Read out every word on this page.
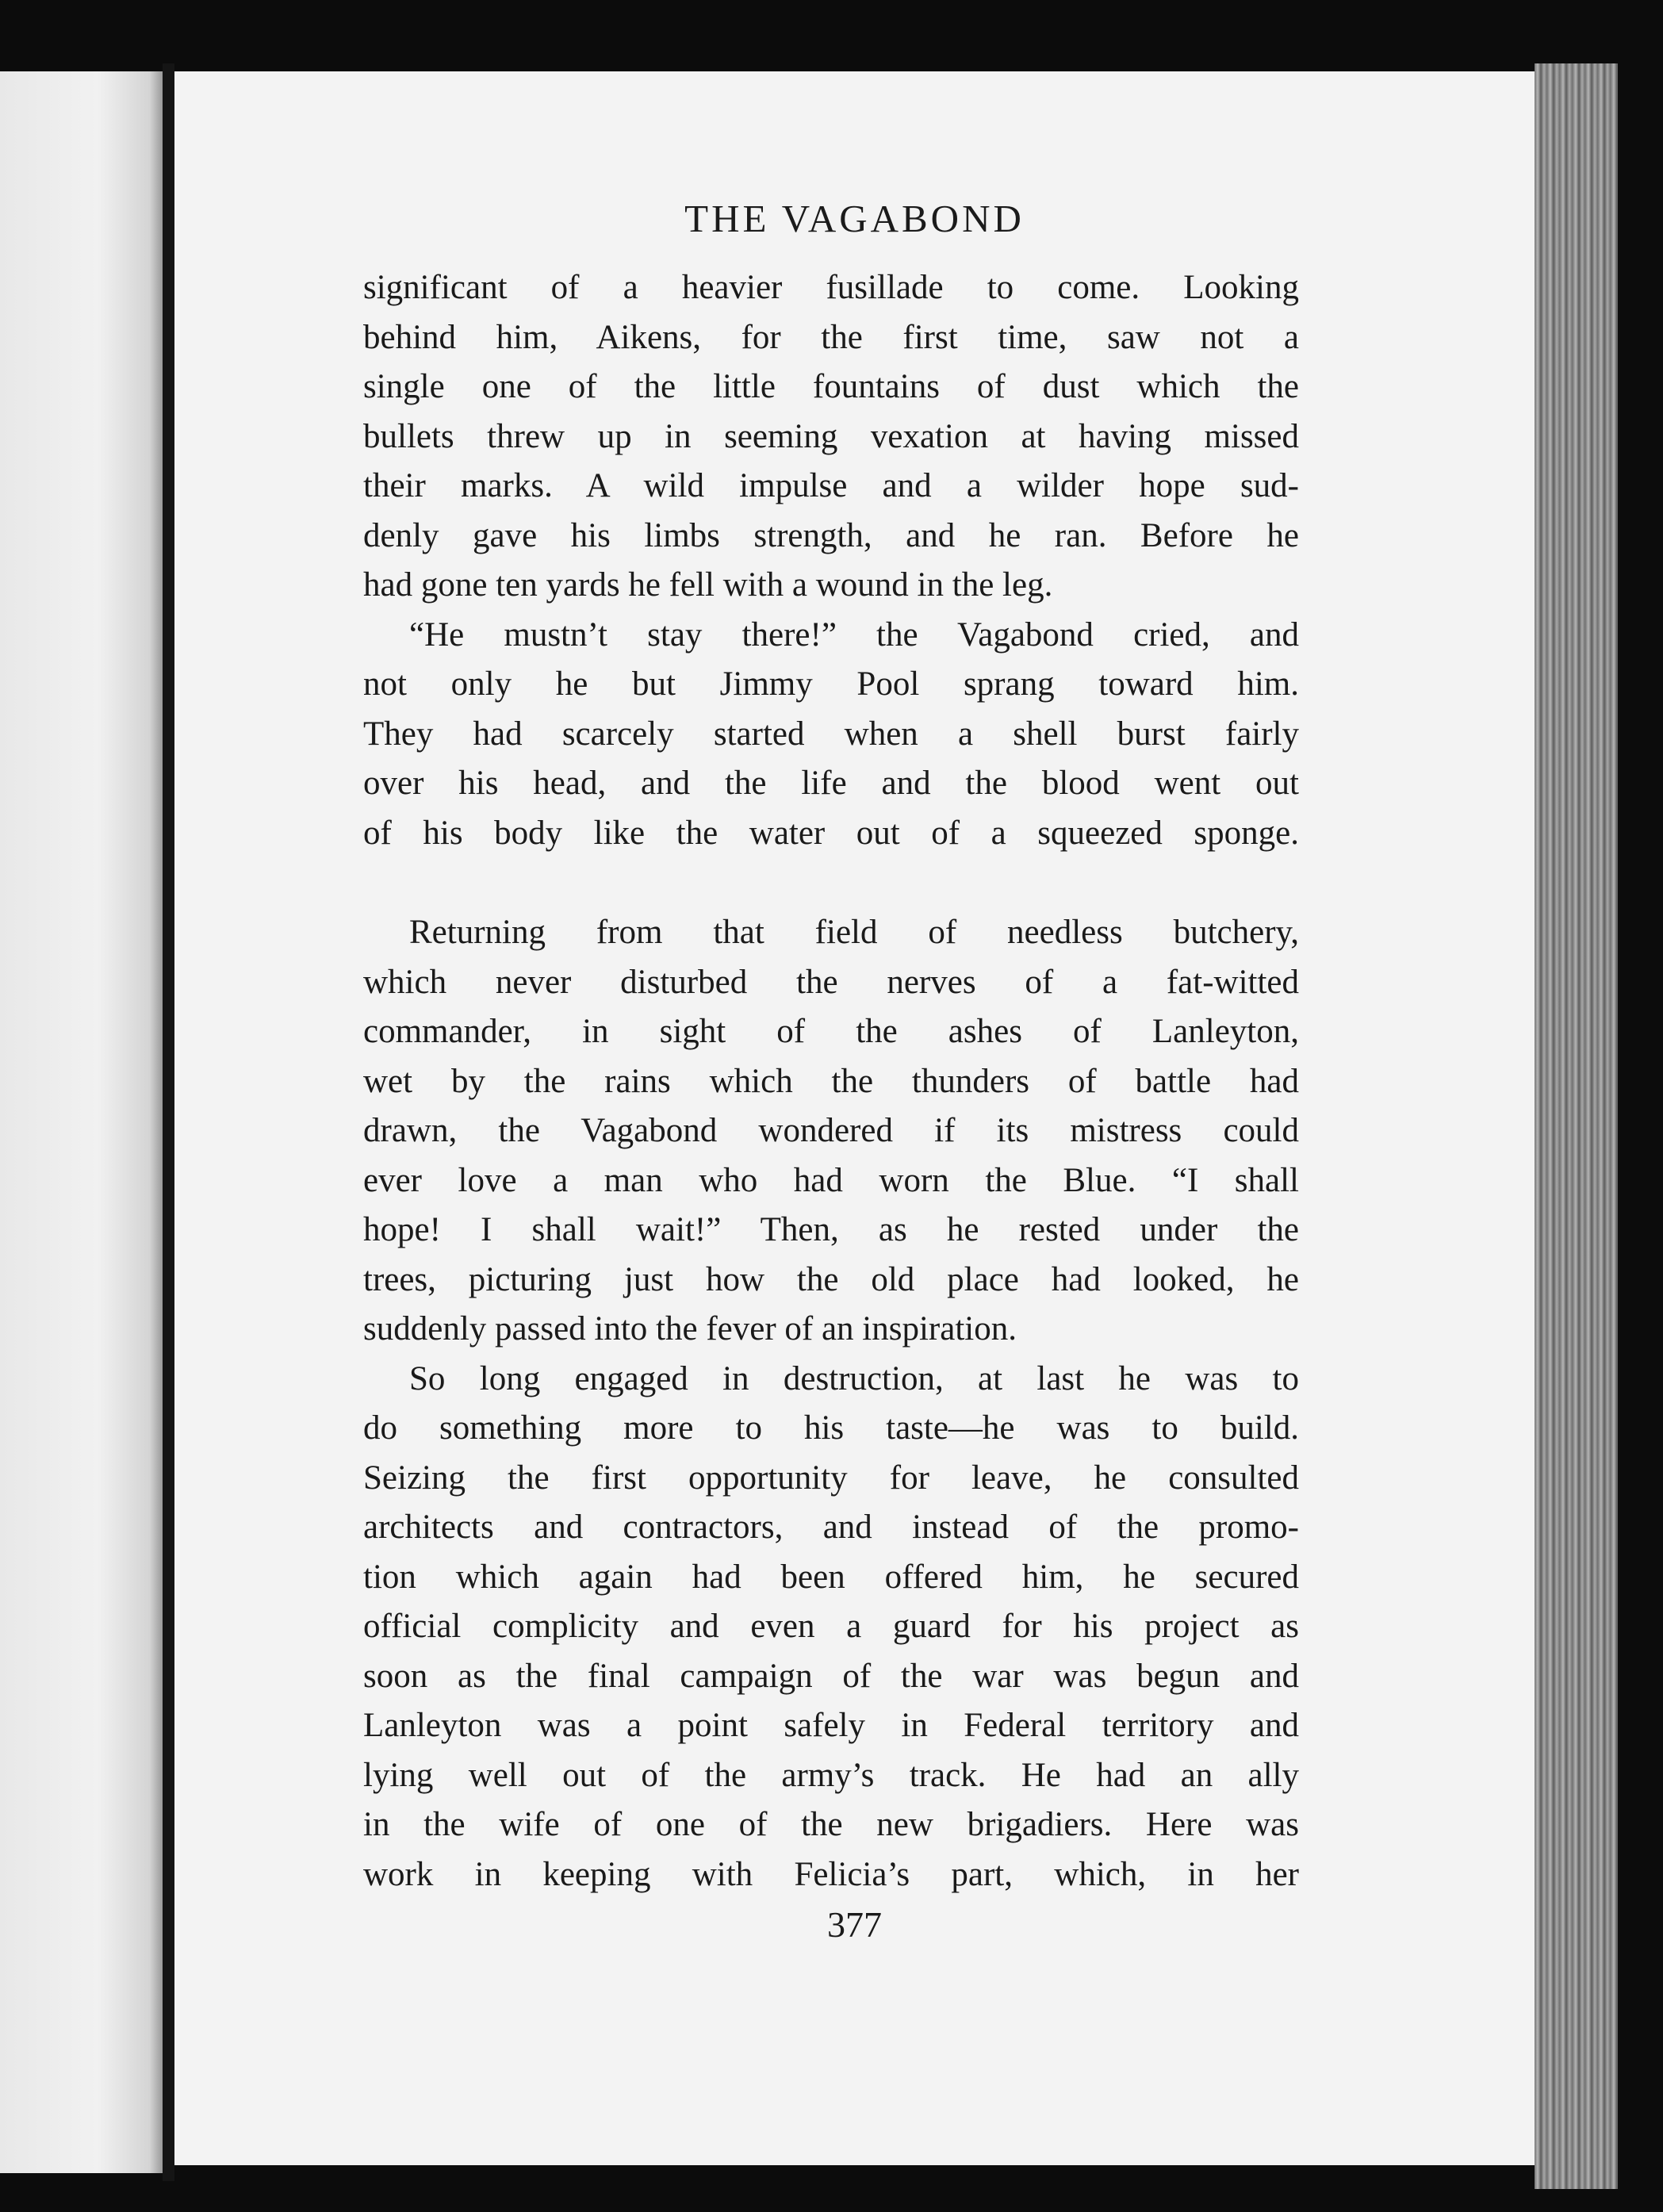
THE VAGABOND
significant of a heavier fusillade to come. Looking
behind him, Aikens, for the first time, saw not a
single one of the little fountains of dust which the
bullets threw up in seeming vexation at having missed
their marks. A wild impulse and a wilder hope sud-
denly gave his limbs strength, and he ran. Before he
had gone ten yards he fell with a wound in the leg.
“He mustn’t stay there!” the Vagabond cried, and
not only he but Jimmy Pool sprang toward him.
They had scarcely started when a shell burst fairly
over his head, and the life and the blood went out
of his body like the water out of a squeezed sponge.
Returning from that field of needless butchery,
which never disturbed the nerves of a fat-witted
commander, in sight of the ashes of Lanleyton,
wet by the rains which the thunders of battle had
drawn, the Vagabond wondered if its mistress could
ever love a man who had worn the Blue. “I shall
hope! I shall wait!” Then, as he rested under the
trees, picturing just how the old place had looked, he
suddenly passed into the fever of an inspiration.
So long engaged in destruction, at last he was to
do something more to his taste—he was to build.
Seizing the first opportunity for leave, he consulted
architects and contractors, and instead of the promo-
tion which again had been offered him, he secured
official complicity and even a guard for his project as
soon as the final campaign of the war was begun and
Lanleyton was a point safely in Federal territory and
lying well out of the army’s track. He had an ally
in the wife of one of the new brigadiers. Here was
work in keeping with Felicia’s part, which, in her

377
